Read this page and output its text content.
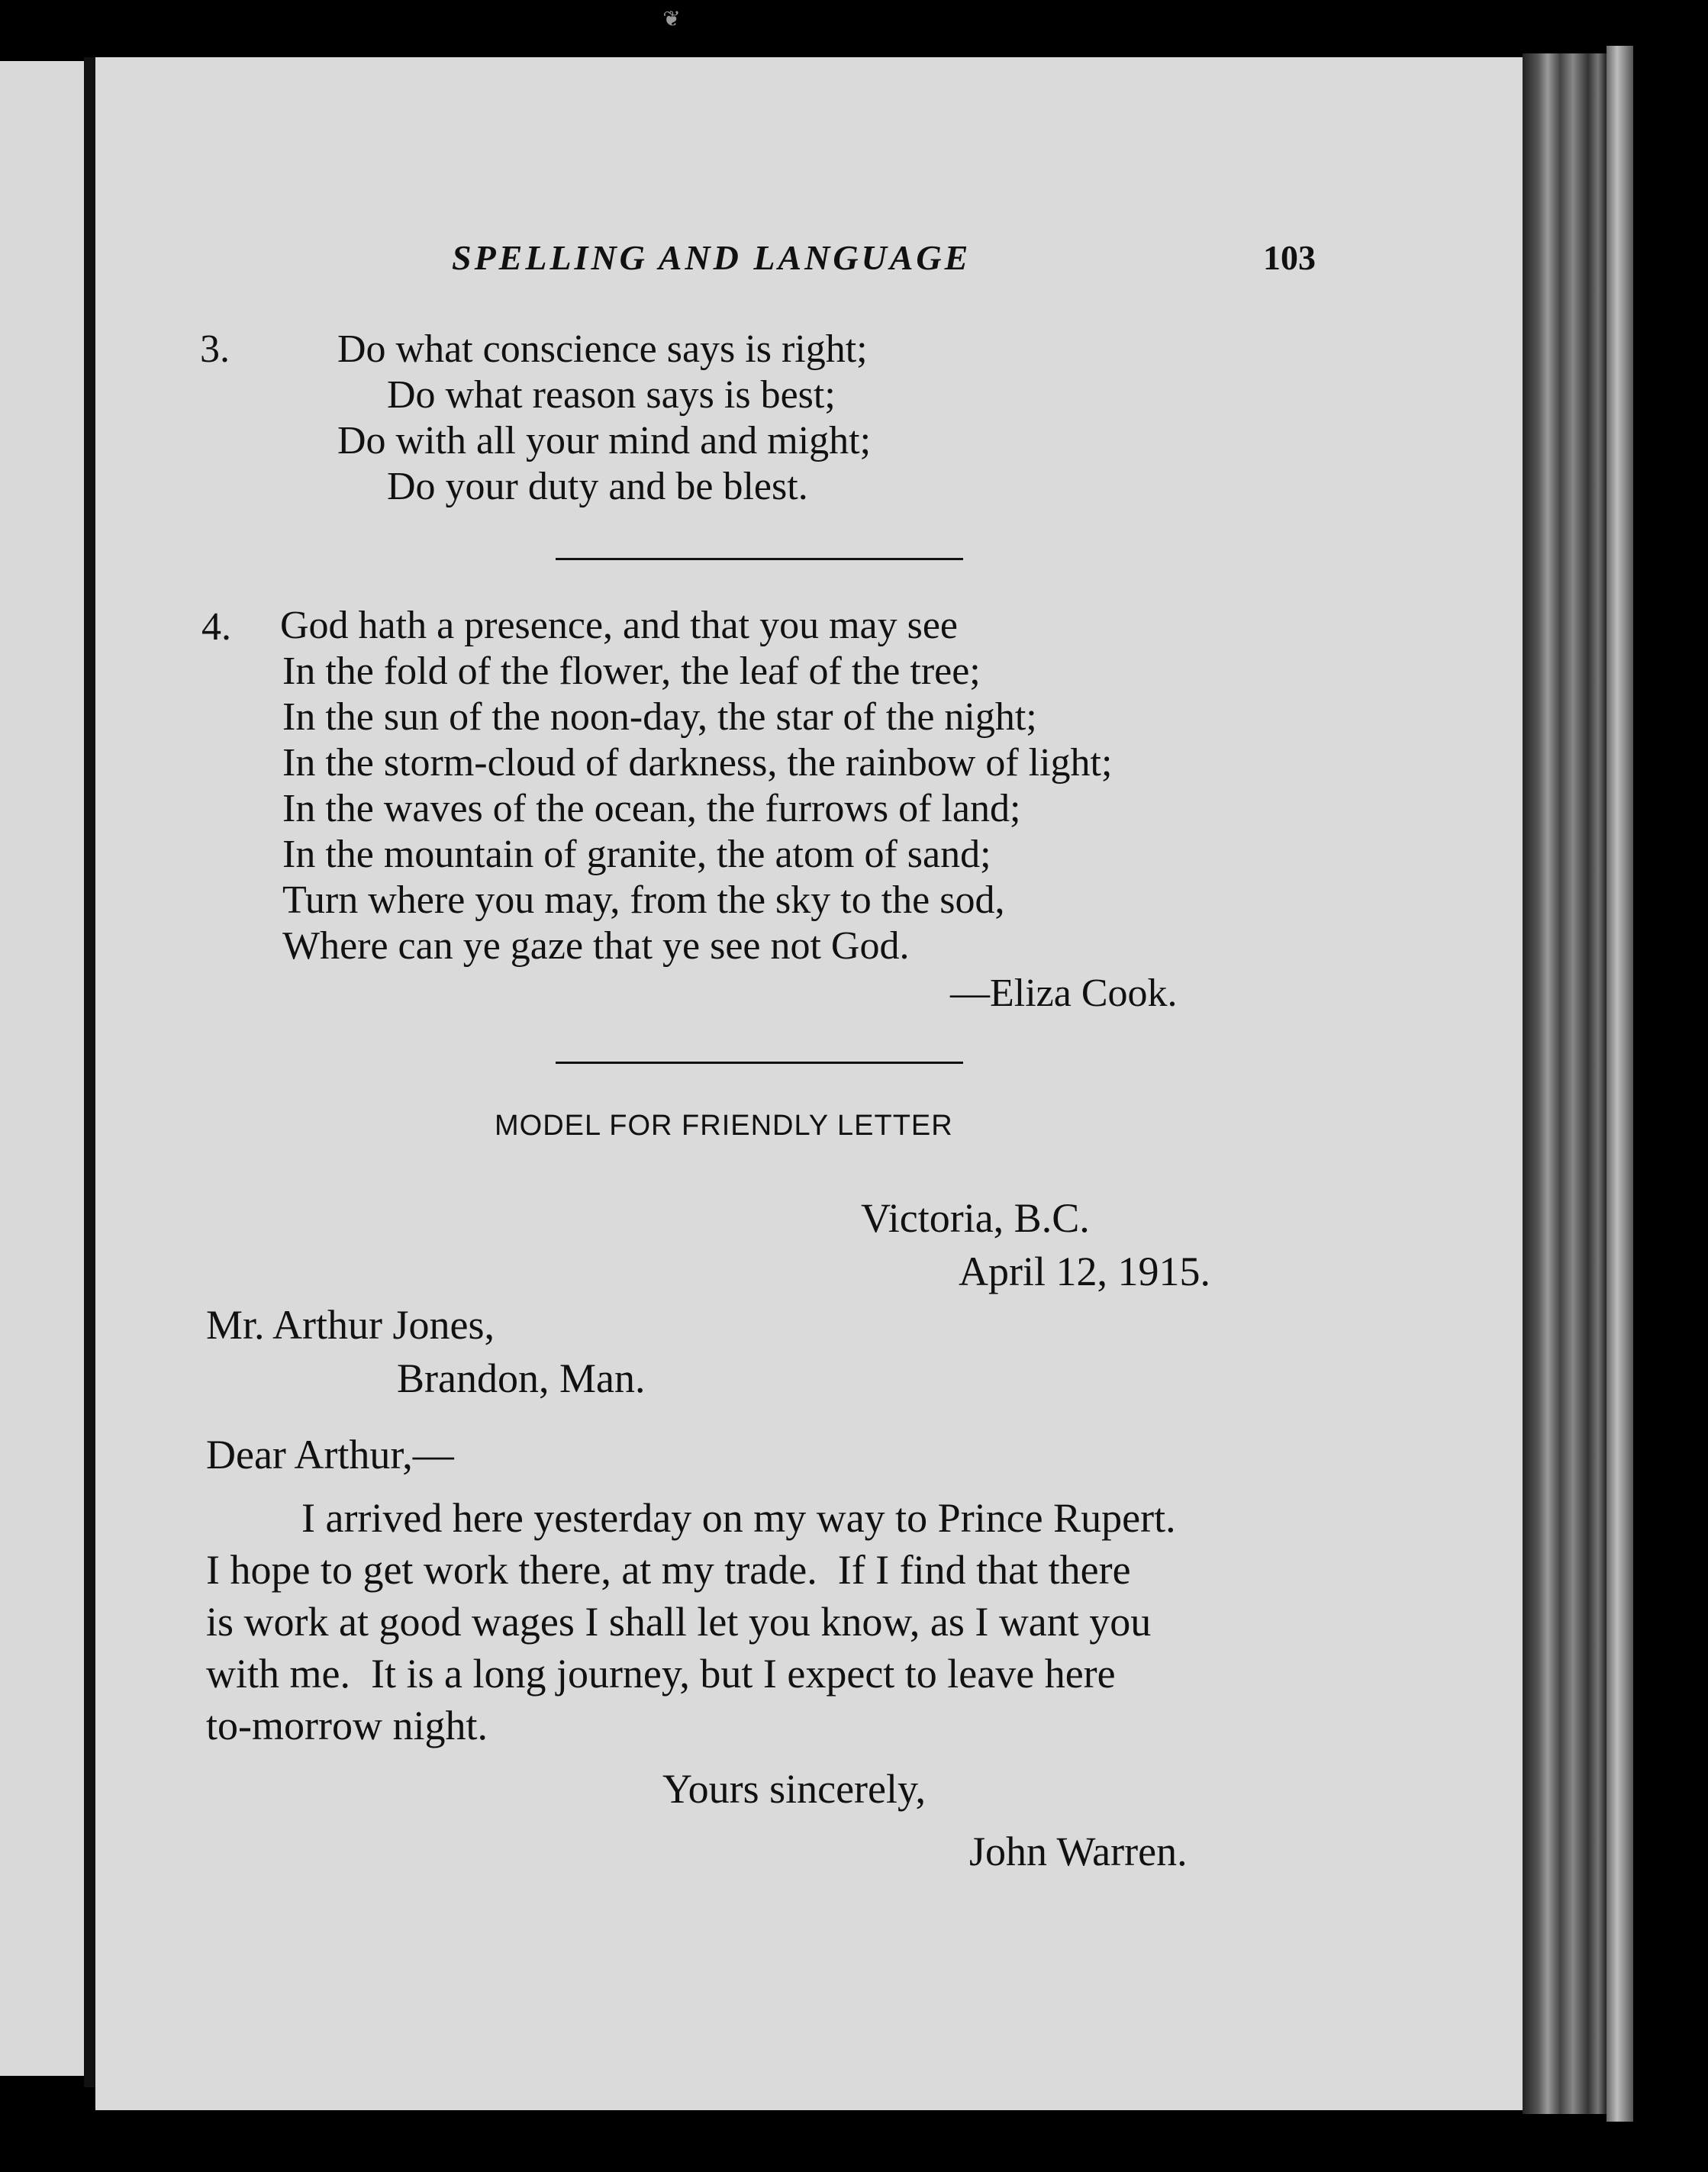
❦
SPELLING AND LANGUAGE	103
3.	Do what conscience says is right;
Do what reason says is best;
Do with all your mind and might;
Do your duty and be blest.
4. God hath a presence, and that you may see
In the fold of the flower, the leaf of the tree;
In the sun of the noon-day, the star of the night;
In the storm-cloud of darkness, the rainbow of light;
In the waves of the ocean, the furrows of land;
In the mountain of granite, the atom of sand;
Turn where you may, from the sky to the sod,
Where can ye gaze that ye see not God.
—Eliza Cook.
MODEL FOR FRIENDLY LETTER
Victoria, B.C.
April 12, 1915.
Mr. Arthur Jones,
Brandon, Man.
Dear Arthur,—
I arrived here yesterday on my way to Prince Rupert.
I hope to get work there, at my trade.  If I find that there
is work at good wages I shall let you know, as I want you
with me.  It is a long journey, but I expect to leave here
to-morrow night.
Yours sincerely,
John Warren.
